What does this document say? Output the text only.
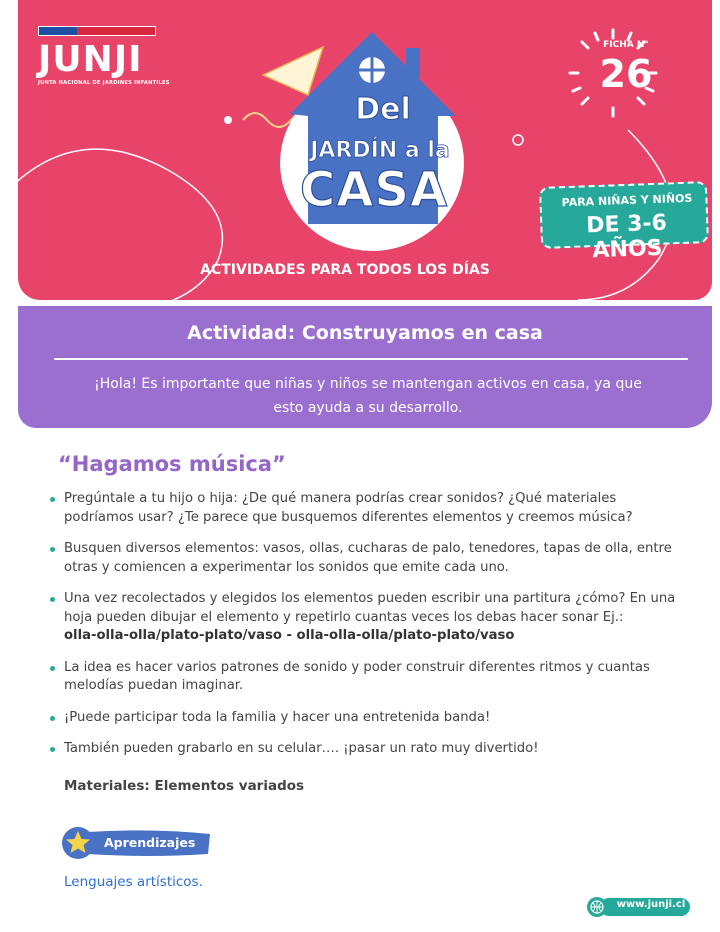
JUNJI
JUNTA NACIONAL DE JARDINES INFANTILES
Del
JARDÍN a la
CASA
ACTIVIDADES PARA TODOS LOS DÍAS
FICHA N°
26
PARA NIÑAS Y NIÑOS
DE 3-6 AÑOS
Actividad: Construyamos en casa
¡Hola! Es importante que niñas y niños se mantengan activos en casa, ya que esto ayuda a su desarrollo.
“Hagamos música”
Pregúntale a tu hijo o hija: ¿De qué manera podrías crear sonidos? ¿Qué materiales podríamos usar? ¿Te parece que busquemos diferentes elementos y creemos música?
Busquen diversos elementos: vasos, ollas, cucharas de palo, tenedores, tapas de olla, entre otras y comiencen a experimentar los sonidos que emite cada uno.
Una vez recolectados y elegidos los elementos pueden escribir una partitura ¿cómo? En una hoja pueden dibujar el elemento y repetirlo cuantas veces los debas hacer sonar Ej.:
olla-olla-olla/plato-plato/vaso - olla-olla-olla/plato-plato/vaso
La idea es hacer varios patrones de sonido y poder construir diferentes ritmos y cuantas melodías puedan imaginar.
¡Puede participar toda la familia y hacer una entretenida banda!
También pueden grabarlo en su celular…. ¡pasar un rato muy divertido!
Materiales: Elementos variados
Aprendizajes
Lenguajes artísticos.
www.junji.cl
